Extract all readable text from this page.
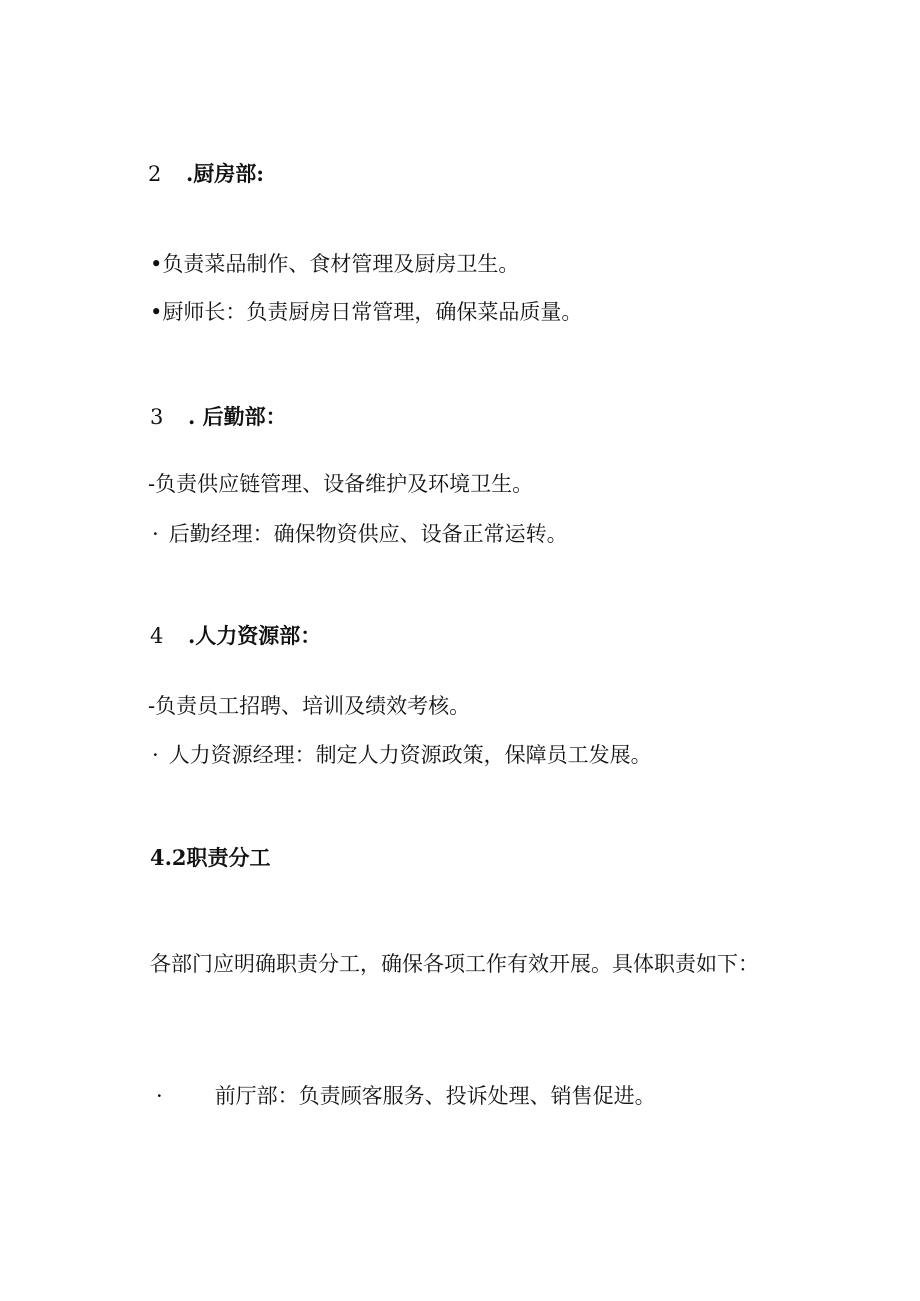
2 .厨房部:
•负责菜品制作、食材管理及厨房卫生。
•厨师长：负责厨房日常管理，确保菜品质量。
3 . 后勤部：
-负责供应链管理、设备维护及环境卫生。
· 后勤经理：确保物资供应、设备正常运转。
4 .人力资源部：
-负责员工招聘、培训及绩效考核。
· 人力资源经理：制定人力资源政策，保障员工发展。
4.2职责分工
各部门应明确职责分工，确保各项工作有效开展。具体职责如下：
· 前厅部：负责顾客服务、投诉处理、销售促进。
